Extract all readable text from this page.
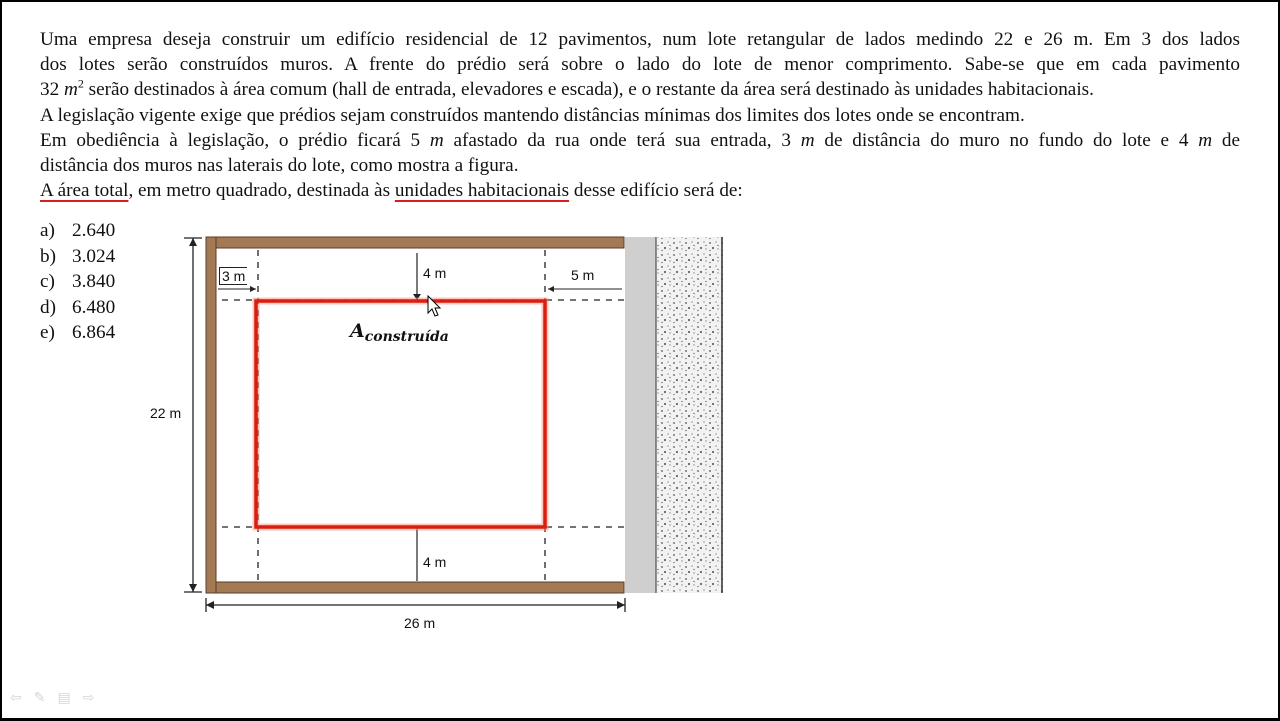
Uma empresa deseja construir um edifício residencial de 12 pavimentos, num lote retangular de lados medindo 22 e 26 m. Em 3 dos lados

dos lotes serão construídos muros. A frente do prédio será sobre o lado do lote de menor comprimento. Sabe-se que em cada pavimento

32 $m^2$ serão destinados à área comum (hall de entrada, elevadores e escada), e o restante da área será destinado às unidades habitacionais.

A legislação vigente exige que prédios sejam construídos mantendo distâncias mínimas dos limites dos lotes onde se encontram.

Em obediência à legislação, o prédio ficará 5 m afastado da rua onde terá sua entrada, 3 m de distância do muro no fundo do lote e 4 m de

distância dos muros nas laterais do lote, como mostra a figura.

A área total, em metro quadrado, destinada às unidades habitacionais desse edifício será de:

a) 2.640
b) 3.024
c) 3.840
d) 6.480
e) 6.864
3 m	4 m	5 m
4 m
22 m
26 m
$A_{construída}$
⇦ ✎ ▤ ⇨
